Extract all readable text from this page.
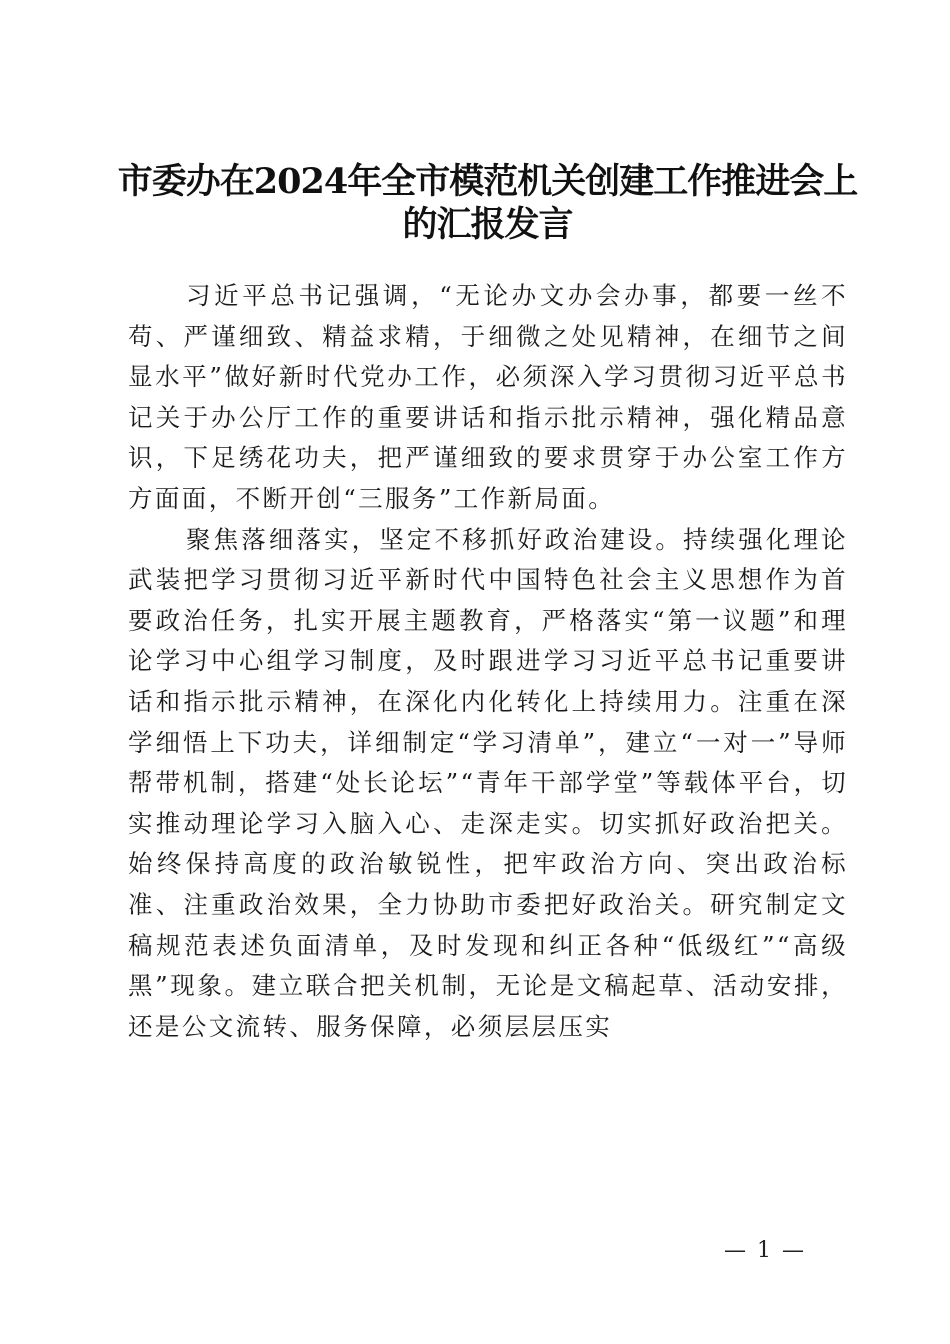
市委办在2024年全市模范机关创建工作推进会上
的汇报发言

习近平总书记强调，“无论办文办会办事，都要一丝不苟、严谨细致、精益求精，于细微之处见精神，在细节之间显水平”做好新时代党办工作，必须深入学习贯彻习近平总书记关于办公厅工作的重要讲话和指示批示精神，强化精品意识，下足绣花功夫，把严谨细致的要求贯穿于办公室工作方方面面，不断开创“三服务”工作新局面。

聚焦落细落实，坚定不移抓好政治建设。持续强化理论武装把学习贯彻习近平新时代中国特色社会主义思想作为首要政治任务，扎实开展主题教育，严格落实“第一议题”和理论学习中心组学习制度，及时跟进学习习近平总书记重要讲话和指示批示精神，在深化内化转化上持续用力。注重在深学细悟上下功夫，详细制定“学习清单”，建立“一对一”导师帮带机制，搭建“处长论坛”“青年干部学堂”等载体平台，切实推动理论学习入脑入心、走深走实。切实抓好政治把关。始终保持高度的政治敏锐性，把牢政治方向、突出政治标准、注重政治效果，全力协助市委把好政治关。研究制定文稿规范表述负面清单，及时发现和纠正各种“低级红”“高级黑”现象。建立联合把关机制，无论是文稿起草、活动安排，还是公文流转、服务保障，必须层层压实

— 1 —
